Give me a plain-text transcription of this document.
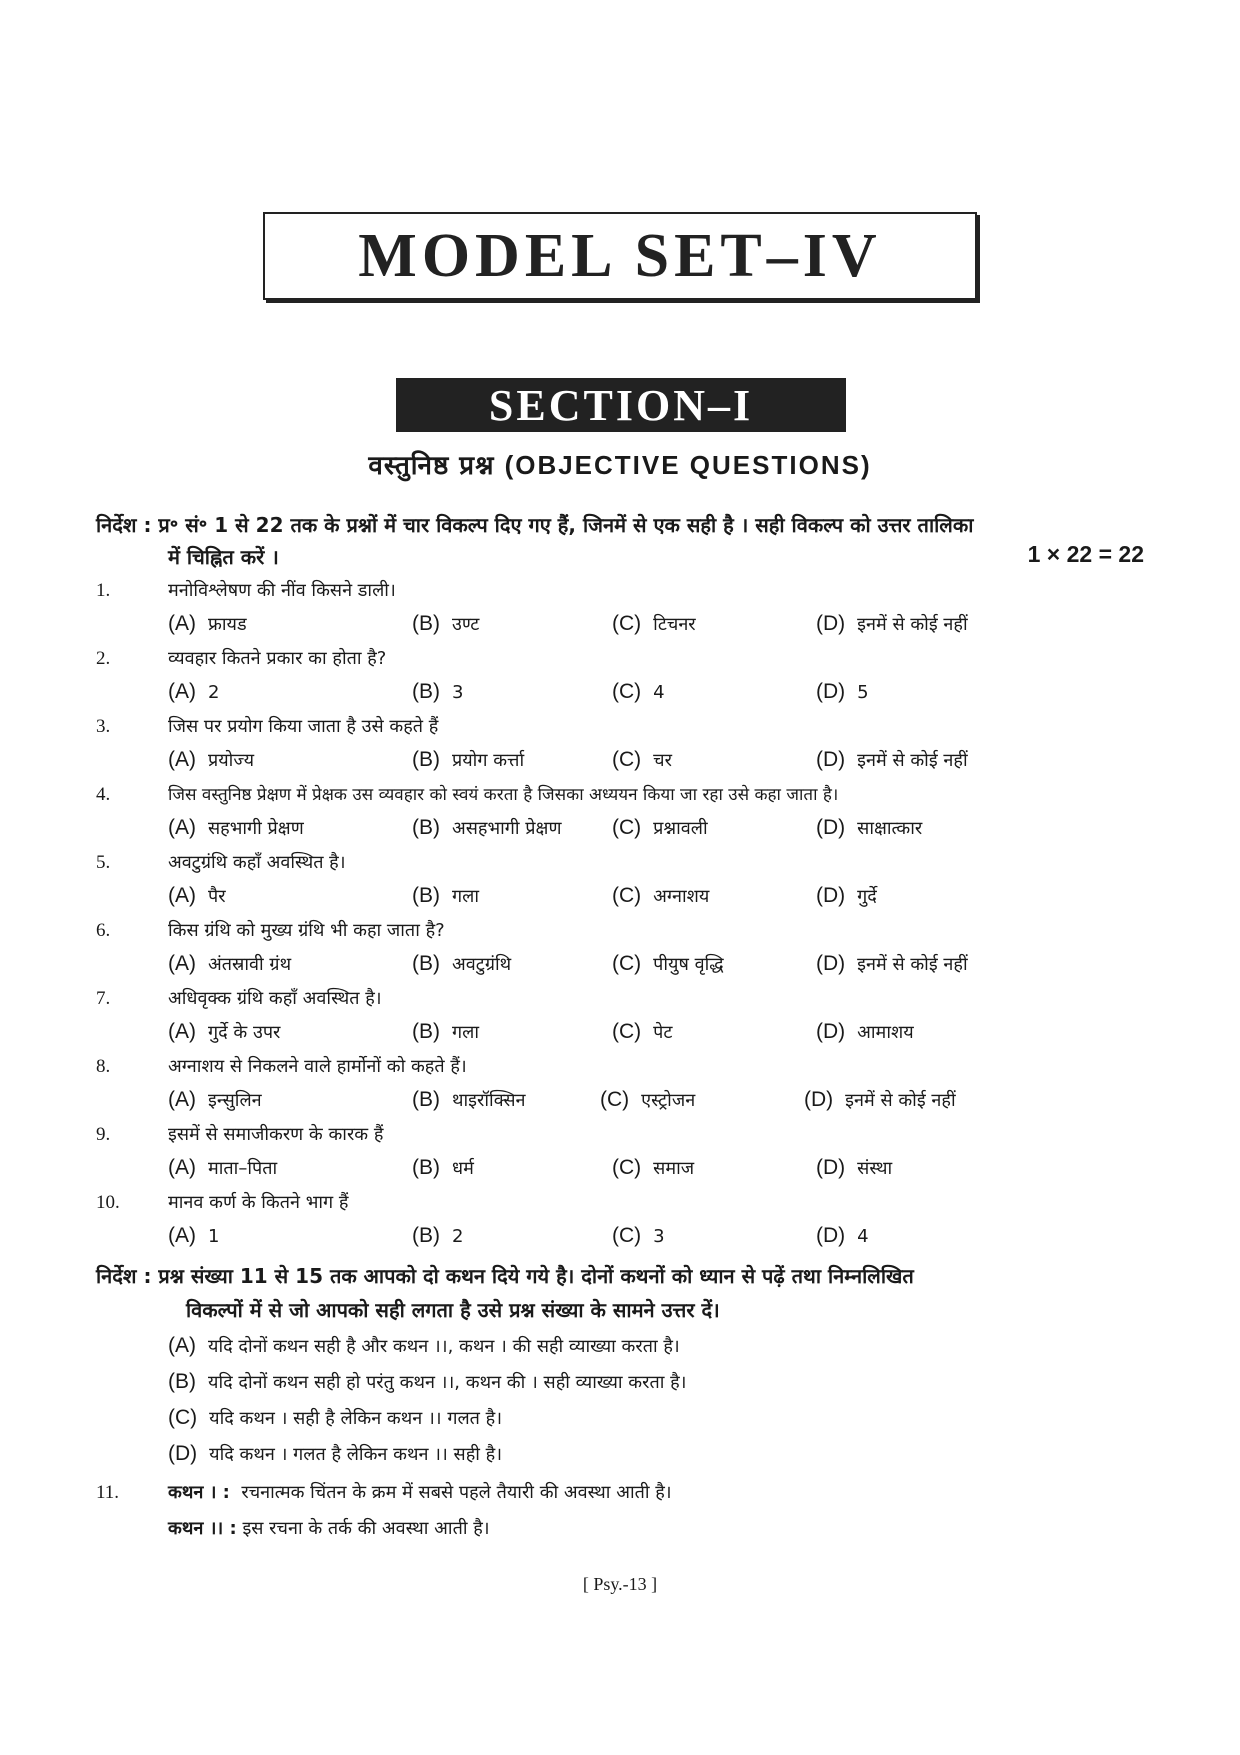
MODEL SET–IV
SECTION–I
वस्तुनिष्ठ प्रश्न (OBJECTIVE QUESTIONS)
निर्देश : प्र॰ सं॰ 1 से 22 तक के प्रश्नों में चार विकल्प दिए गए हैं, जिनमें से एक सही है । सही विकल्प को उत्तर तालिका
में चिह्नित करें ।	1 × 22 = 22
1.	मनोविश्लेषण की नींव किसने डाली।
(A) फ्रायड	(B) उण्ट	(C) टिचनर	(D) इनमें से कोई नहीं
2.	व्यवहार कितने प्रकार का होता है?
(A) 2	(B) 3	(C) 4	(D) 5
3.	जिस पर प्रयोग किया जाता है उसे कहते हैं
(A) प्रयोज्य	(B) प्रयोग कर्त्ता	(C) चर	(D) इनमें से कोई नहीं
4.	जिस वस्तुनिष्ठ प्रेक्षण में प्रेक्षक उस व्यवहार को स्वयं करता है जिसका अध्ययन किया जा रहा उसे कहा जाता है।
(A) सहभागी प्रेक्षण	(B) असहभागी प्रेक्षण (C) प्रश्नावली	(D) साक्षात्कार
5.	अवटुग्रंथि कहाँ अवस्थित है।
(A) पैर	(B) गला	(C) अग्नाशय	(D) गुर्दे
6.	किस ग्रंथि को मुख्य ग्रंथि भी कहा जाता है?
(A) अंतस्रावी ग्रंथ	(B) अवटुग्रंथि	(C) पीयुष वृद्धि	(D) इनमें से कोई नहीं
7.	अधिवृक्क ग्रंथि कहाँ अवस्थित है।
(A) गुर्दे के उपर	(B) गला	(C) पेट	(D) आमाशय
8.	अग्नाशय से निकलने वाले हार्मोनों को कहते हैं।
(A) इन्सुलिन	(B) थाइरॉक्सिन	(C) एस्ट्रोजन	(D) इनमें से कोई नहीं
9.	इसमें से समाजीकरण के कारक हैं
(A) माता–पिता	(B) धर्म	(C) समाज	(D) संस्था
10.	मानव कर्ण के कितने भाग हैं
(A) 1	(B) 2	(C) 3	(D) 4
निर्देश : प्रश्न संख्या 11 से 15 तक आपको दो कथन दिये गये है। दोनों कथनों को ध्यान से पढ़ें तथा निम्नलिखित
विकल्पों में से जो आपको सही लगता है उसे प्रश्न संख्या के सामने उत्तर दें।
(A) यदि दोनों कथन सही है और कथन ।।, कथन । की सही व्याख्या करता है।
(B) यदि दोनों कथन सही हो परंतु कथन ।।, कथन की । सही व्याख्या करता है।
(C) यदि कथन । सही है लेकिन कथन ।। गलत है।
(D) यदि कथन । गलत है लेकिन कथन ।। सही है।
11.	कथन । : रचनात्मक चिंतन के क्रम में सबसे पहले तैयारी की अवस्था आती है।
कथन ।। : इस रचना के तर्क की अवस्था आती है।
[ Psy.-13 ]
